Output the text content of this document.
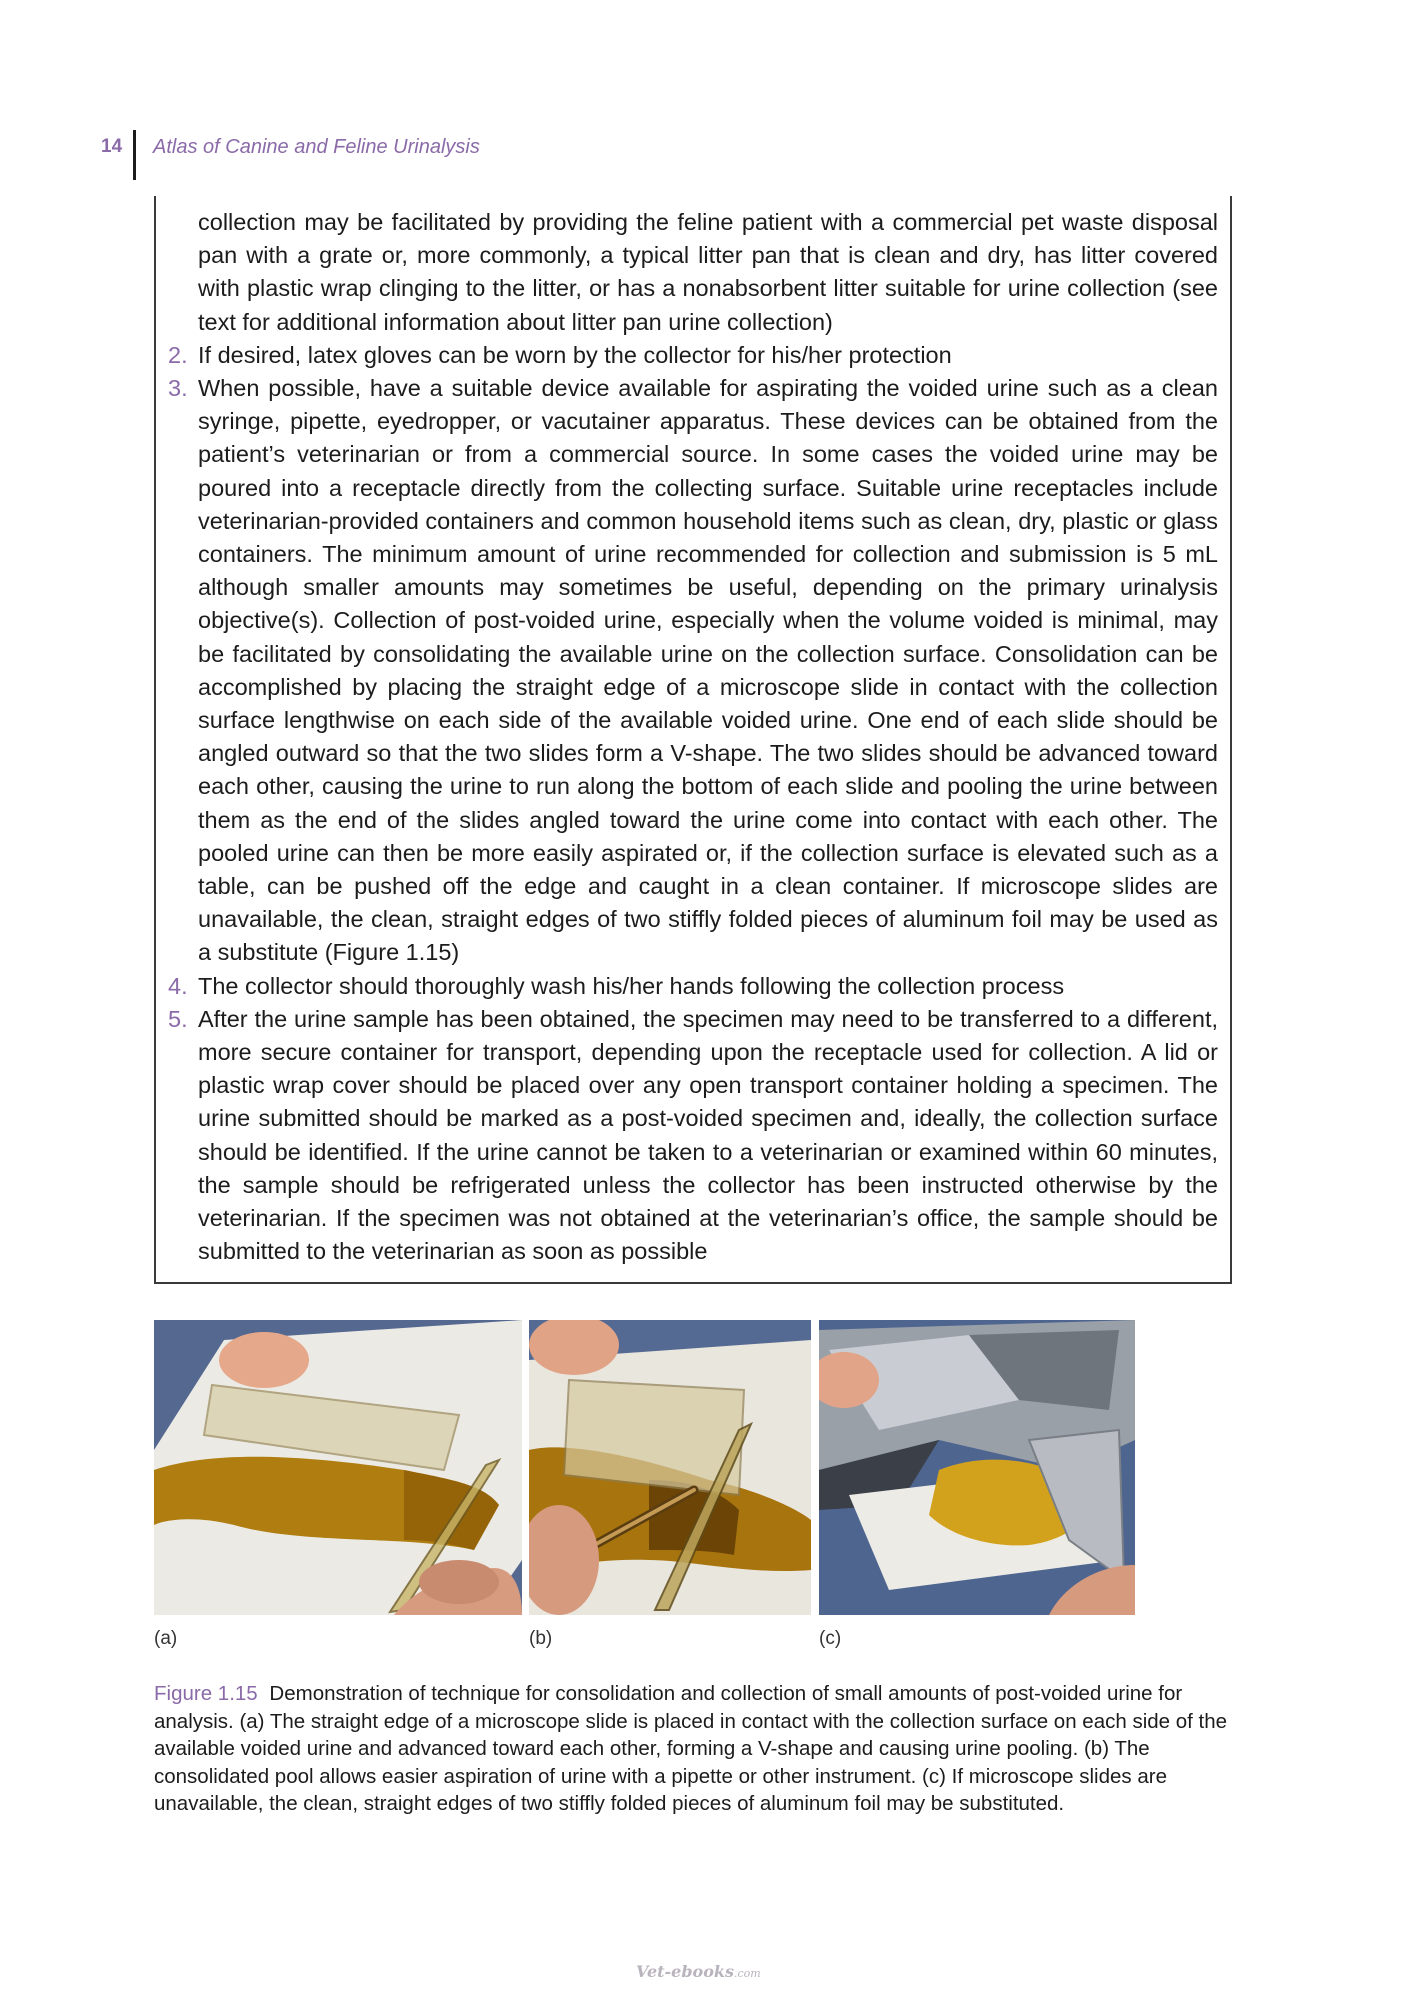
14 Atlas of Canine and Feline Urinalysis

collection may be facilitated by providing the feline patient with a commercial pet waste disposal pan with a grate or, more commonly, a typical litter pan that is clean and dry, has litter covered with plastic wrap clinging to the litter, or has a nonabsorbent litter suitable for urine collection (see text for additional information about litter pan urine collection)

2. If desired, latex gloves can be worn by the collector for his/her protection
3. When possible, have a suitable device available for aspirating the voided urine such as a clean syringe, pipette, eyedropper, or vacutainer apparatus. These devices can be obtained from the patient’s veterinarian or from a commercial source. In some cases the voided urine may be poured into a receptacle directly from the collecting surface. Suitable urine receptacles include veterinarian-provided containers and common household items such as clean, dry, plastic or glass containers. The minimum amount of urine recommended for collection and submission is 5 mL although smaller amounts may sometimes be useful, depending on the primary urinalysis objective(s). Collection of post-voided urine, especially when the volume voided is minimal, may be facilitated by consolidating the available urine on the collection surface. Consolidation can be accomplished by placing the straight edge of a microscope slide in contact with the collection surface lengthwise on each side of the available voided urine. One end of each slide should be angled outward so that the two slides form a V-shape. The two slides should be advanced toward each other, causing the urine to run along the bottom of each slide and pooling the urine between them as the end of the slides angled toward the urine come into contact with each other. The pooled urine can then be more easily aspirated or, if the collection surface is elevated such as a table, can be pushed off the edge and caught in a clean container. If microscope slides are unavailable, the clean, straight edges of two stiffly folded pieces of aluminum foil may be used as a substitute (Figure 1.15)
4. The collector should thoroughly wash his/her hands following the collection process
5. After the urine sample has been obtained, the specimen may need to be transferred to a different, more secure container for transport, depending upon the receptacle used for collection. A lid or plastic wrap cover should be placed over any open transport container holding a specimen. The urine submitted should be marked as a post-voided specimen and, ideally, the collection surface should be identified. If the urine cannot be taken to a veterinarian or examined within 60 minutes, the sample should be refrigerated unless the collector has been instructed otherwise by the veterinarian. If the specimen was not obtained at the veterinarian’s office, the sample should be submitted to the veterinarian as soon as possible
(a)	(b)	(c)
Figure 1.15 Demonstration of technique for consolidation and collection of small amounts of post-voided urine for analysis. (a) The straight edge of a microscope slide is placed in contact with the collection surface on each side of the available voided urine and advanced toward each other, forming a V-shape and causing urine pooling. (b) The consolidated pool allows easier aspiration of urine with a pipette or other instrument. (c) If microscope slides are unavailable, the clean, straight edges of two stiffly folded pieces of aluminum foil may be substituted.
Vet-ebooks.com
